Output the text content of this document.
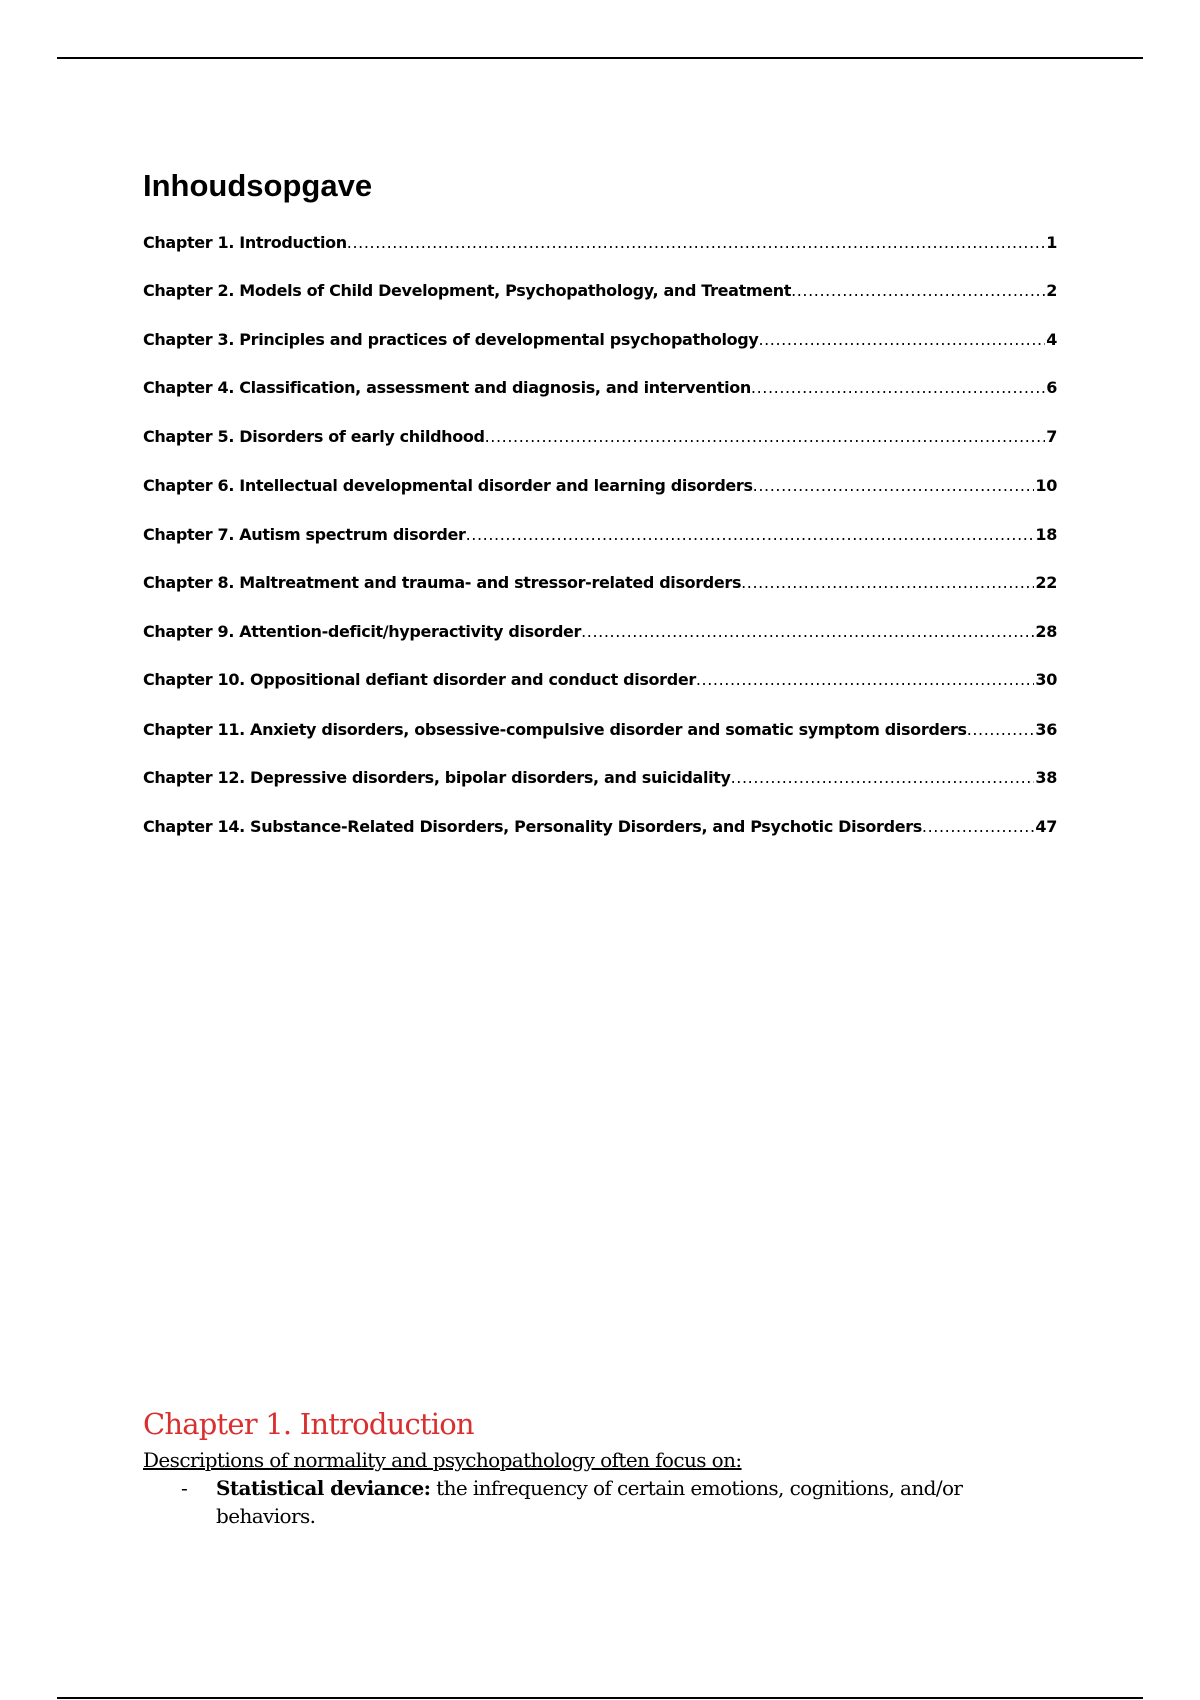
Inhoudsopgave
Chapter 1. Introduction .....	1
Chapter 2. Models of Child Development, Psychopathology, and Treatment .....	2
Chapter 3. Principles and practices of developmental psychopathology .....	4
Chapter 4. Classification, assessment and diagnosis, and intervention .....	6
Chapter 5. Disorders of early childhood .....	7
Chapter 6. Intellectual developmental disorder and learning disorders .....	10
Chapter 7. Autism spectrum disorder .....	18
Chapter 8. Maltreatment and trauma- and stressor-related disorders .....	22
Chapter 9. Attention-deficit/hyperactivity disorder .....	28
Chapter 10. Oppositional defiant disorder and conduct disorder .....	30
Chapter 11. Anxiety disorders, obsessive-compulsive disorder and somatic symptom disorders .....	36
Chapter 12. Depressive disorders, bipolar disorders, and suicidality .....	38
Chapter 14. Substance-Related Disorders, Personality Disorders, and Psychotic Disorders .....	47
Chapter 1. Introduction

Descriptions of normality and psychopathology often focus on:

- Statistical deviance: the infrequency of certain emotions, cognitions, and/or behaviors.
